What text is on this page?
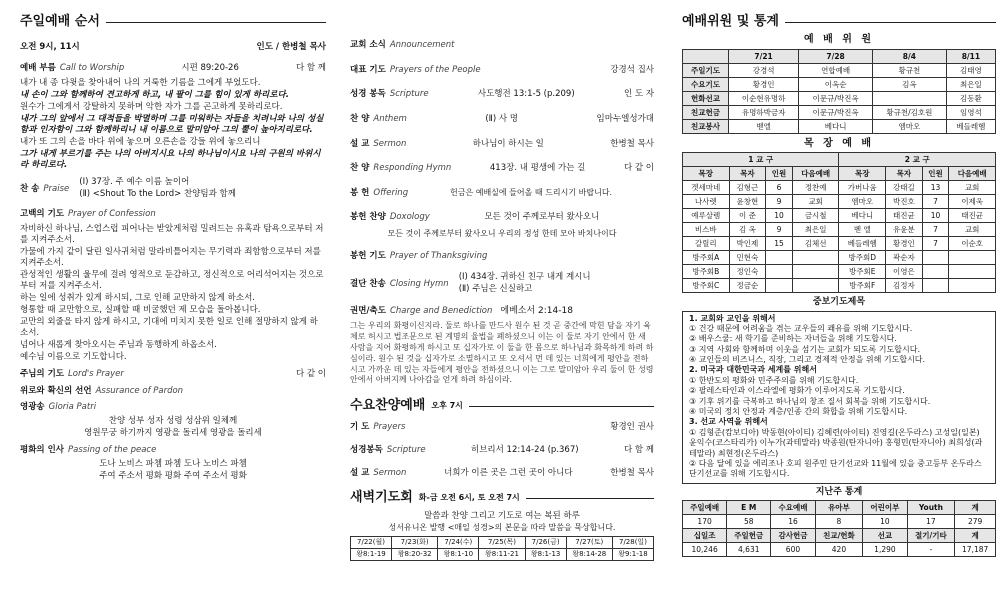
주일예배 순서
오전 9시, 11시	인도 / 한병철 목사
예배 부름 Call to Worship	시편 89:20-26	다 함 께
내가 내 종 다윗을 찾아내어 나의 거룩한 기름을 그에게 부었도다.
내 손이 그와 함께하여 견고하게 하고, 내 팔이 그를 힘이 있게 하리로다.
원수가 그에게서 강탈하지 못하며 악한 자가 그를 곤고하게 못하리로다.
내가 그의 앞에서 그 대적들을 박멸하며 그를 미워하는 자들을 치려니와 나의 성실함과 인자함이 그와 함께하리니 내 이름으로 말미암아 그의 뿔이 높아지리로다.
내가 또 그의 손을 바다 위에 놓으며 오른손을 강들 위에 놓으리니
그가 내게 부르기를 주는 나의 아버지시요 나의 하나님이시요 나의 구원의 바위시라 하리로다.
찬 송 Praise
(Ⅰ) 37장. 주 예수 이름 높이어
(Ⅱ) <Shout To the Lord> 찬양팀과 함께
고백의 기도 Prayer of Confession
자비하신 하나님, 스업스럽 피어나는 받았게처럼 밀려드는 유혹과 탐욕으로부터 저를 지켜주소서.
가물에 가지 같이 달린 일사귀처럼 말라비틀어지는 무기력과 죄함함으로부터 저를 지켜주소서.
관성적인 생활의 울무에 걸려 영적으로 둔감하고, 정신적으로 어리석어지는 것으로부터 저를 지켜주소서.
하는 일에 성취가 있게 하시되, 그로 인해 교만하지 않게 하소서.
형통할 때 교만함으로, 실패할 때 비굴했던 제 모습을 돌아봅니다.
교만의 외줄을 타지 않게 하시고, 기대에 미치지 못한 일로 인해 절망하지 않게 하소서.
넘어나 새롭게 찾아오시는 주님과 동행하게 하옵소서.
예수님 이름으로 기도합니다.
주님의 기도 Lord's Prayer	다 같 이
위로와 확신의 선언 Assurance of Pardon
영광송 Gloria Patri
찬양 성부 성자 성령 성삼위 일체께
영원무궁 하기까지 영광을 돌리세 영광을 돌리세
평화의 인사 Passing of the peace
도나 노비스 파쳄 파쳄 도나 노비스 파쳄
주여 주소서 평화 평화 주여 주소서 평화
교회 소식 Announcement
대표 기도 Prayers of the People	강경석 집사
성경 봉독 Scripture	사도행전 13:1-5 (p.209)	인 도 자
찬 양 Anthem	(Ⅱ) 사 명	임마누엘성가대
설 교 Sermon	하나님이 하시는 일	한병철 목사
찬 양 Responding Hymn	413장. 내 평생에 가는 길	다 같 이
봉 헌 Offering	헌금은 예배실에 들어올 때 드리시기 바랍니다.
봉헌 찬양 Doxology	모든 것이 주께로부터 왔사오니
모든 것이 주께로부터 왔사오니 우리의 정성 한데 모아 바치나이다
봉헌 기도 Prayer of Thanksgiving
결단 찬송 Closing Hymn
(Ⅰ) 434장. 귀하신 친구 내게 계시니
(Ⅱ) 주님은 신실하고
권면/축도 Charge and Benediction 에베소서 2:14-18
그는 우리의 화평이신지라. 둘로 하나를 만드사 원수 된 것 곧 중간에 막힌 담을 자기 육체로 허시고 법조문으로 된 계명의 율법을 폐하셨으니 이는 이 둘로 자기 안에서 한 새 사람을 지어 화평하게 하시고 또 십자가로 이 둘을 한 몸으로 하나님과 화목하게 하려 하심이라. 원수 된 것을 십자가로 소멸하시고 또 오셔서 먼 데 있는 너희에게 평안을 전하시고 가까운 데 있는 자들에게 평안을 전하셨으니 이는 그로 말미암아 우리 둘이 한 성령 안에서 아버지께 나아감을 얻게 하려 하심이라.
수요찬양예배 오후 7시
기 도 Prayers	황경인 권사
성경봉독 Scripture	히브리서 12:14-24 (p.367)	다 함 께
설 교 Sermon	너희가 이른 곳은 그런 곳이 아니다	한병철 목사
새벽기도회 화-금 오전 6시, 토 오전 7시
말씀과 찬양 그리고 기도로 여는 복된 하루
성서유니온 발행 <매일 성경>의 본문을 따라 말씀을 묵상합니다.
7/22(월)	7/23(화)	7/24(수)	7/25(목)	7/26(금)	7/27(토)	7/28(일)
왕8:1-19	왕8:20-32	왕8:1-10	왕8:11-21	왕8:1-13	왕8:14-28	왕9:1-18
예배위원 및 통계
예 배 위 원
	7/21	7/28	8/4	8/11
주일기도	강경석	연합예배	황규천	김태영
수요기도	황경인	이옥순	김옥	최은일
헌화선교	이순현유명하	이문규/박진옥		김동환
친교헌금	유명하박금자	이문규/박진옥	황규천/김호원	임영석
친교봉사	벧엘	베다니	엠마오	베들레헴
목 장 예 배
1 교 구				2 교 구			
목장	목자	인원	다음예배	목장	목자	인원	다음예배
겟세마네	김형근	6	정찬예	가버나움	강태길	13	교회
나사렛	윤창현	9	교회	엠마오	박진호	7	이제욱
예루살렘	이 준	10	금시철	베다니	태진균	10	태진균
비스바	김 옥	9	최은일	벧 엘	유윤분	7	교회
갈릴리	박인제	15	김체선	베들레헴	황경인	7	이순호
방주회A	민현숙			방주회D	곽순자		
방주회B	정인숙			방주회E	이영은		
방주회C	정금순			방주회F	김정자		
중보기도제목
1. 교회와 교인을 위해서
① 건강 때문에 어려움을 겪는 교우들의 쾌유를 위해 기도합시다.
② 배우스쿨: 새 학기를 준비하는 자녀들을 위해 기도합시다.
③ 지역 사회와 함께하며 이웃을 섬기는 교회가 되도록 기도합시다.
④ 교인들의 비즈니스, 직장, 그리고 경제적 안정을 위해 기도합시다.
2. 미국과 대한민국과 세계를 위해서
① 한반도의 평화와 민주주의를 위해 기도합시다.
② 팔레스타인과 이스라엘에 평화가 이루어지도록 기도합시다.
③ 기후 위기를 극복하고 하나님의 창조 질서 회복을 위해 기도합시다.
④ 미국의 정치 안정과 계층/인종 간의 화합을 위해 기도합시다.
3. 선교 사역을 위해서
① 김형준(캄보디아) 박동현(아이티) 김혜련(아이티) 진영길(온두라스) 고성일(일본) 윤익수(코스타리카) 이누가(과테말라) 박종원(탄자니아) 홍형민(탄자니아) 최희성(과테말라) 최현정(온두라스)
② 다음 달에 있을 에리조나 호피 원주민 단기선교와 11월에 있을 중고등부 온두라스 단기선교를 위해 기도합시다.
지난주 통계
주일예배	E M	수요예배	유아부	어린이부	Youth	계
170	58	16	8	10	17	279
십일조	주일헌금	감사헌금	친교/헌화	선교	절기/기타	계
10,246	4,631	600	420	1,290	-	17,187
